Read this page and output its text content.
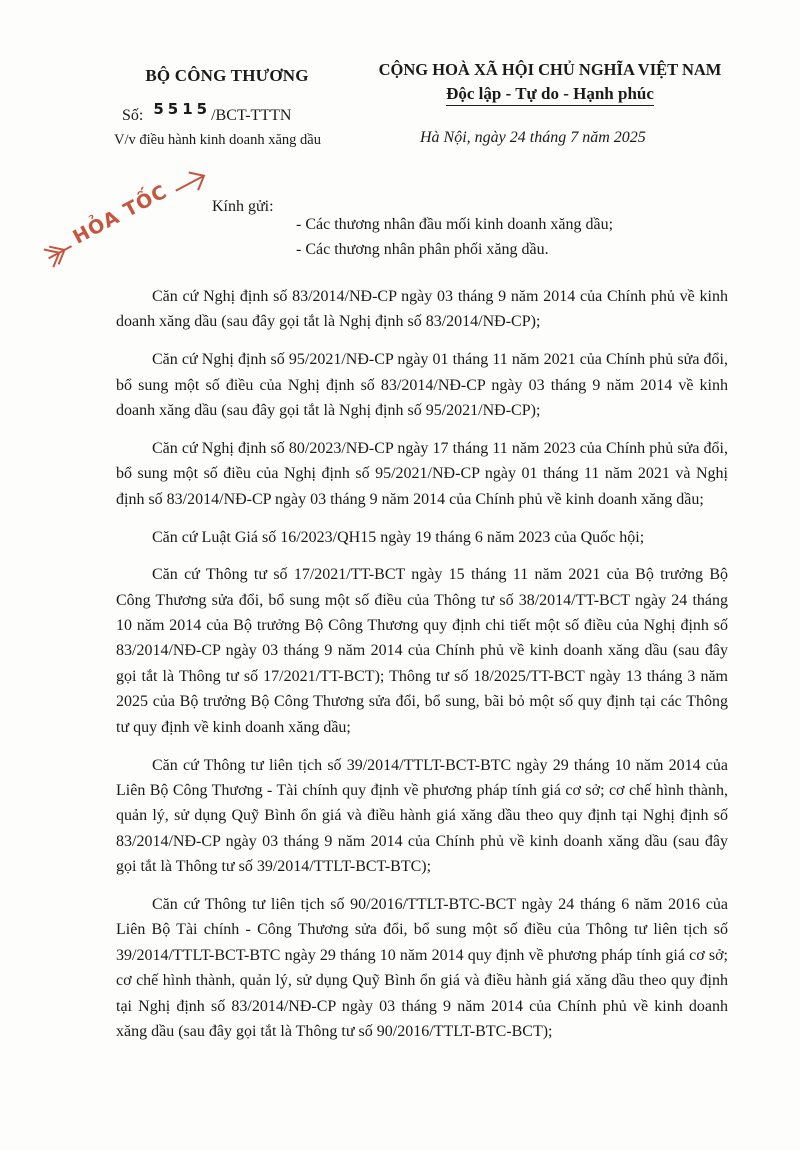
BỘ CÔNG THƯƠNG
Số: 5515/BCT-TTTN
V/v điều hành kinh doanh xăng dầu
CỘNG HOÀ XÃ HỘI CHỦ NGHĨA VIỆT NAM
Độc lập - Tự do - Hạnh phúc
Hà Nội, ngày 24 tháng 7 năm 2025
HỎA TỐC	Kính gửi:
- Các thương nhân đầu mối kinh doanh xăng dầu;
- Các thương nhân phân phối xăng dầu.

Căn cứ Nghị định số 83/2014/NĐ-CP ngày 03 tháng 9 năm 2014 của Chính phủ về kinh doanh xăng dầu (sau đây gọi tắt là Nghị định số 83/2014/NĐ-CP);

Căn cứ Nghị định số 95/2021/NĐ-CP ngày 01 tháng 11 năm 2021 của Chính phủ sửa đổi, bổ sung một số điều của Nghị định số 83/2014/NĐ-CP ngày 03 tháng 9 năm 2014 về kinh doanh xăng dầu (sau đây gọi tắt là Nghị định số 95/2021/NĐ-CP);

Căn cứ Nghị định số 80/2023/NĐ-CP ngày 17 tháng 11 năm 2023 của Chính phủ sửa đổi, bổ sung một số điều của Nghị định số 95/2021/NĐ-CP ngày 01 tháng 11 năm 2021 và Nghị định số 83/2014/NĐ-CP ngày 03 tháng 9 năm 2014 của Chính phủ về kinh doanh xăng dầu;

Căn cứ Luật Giá số 16/2023/QH15 ngày 19 tháng 6 năm 2023 của Quốc hội;

Căn cứ Thông tư số 17/2021/TT-BCT ngày 15 tháng 11 năm 2021 của Bộ trưởng Bộ Công Thương sửa đổi, bổ sung một số điều của Thông tư số 38/2014/TT-BCT ngày 24 tháng 10 năm 2014 của Bộ trưởng Bộ Công Thương quy định chi tiết một số điều của Nghị định số 83/2014/NĐ-CP ngày 03 tháng 9 năm 2014 của Chính phủ về kinh doanh xăng dầu (sau đây gọi tắt là Thông tư số 17/2021/TT-BCT); Thông tư số 18/2025/TT-BCT ngày 13 tháng 3 năm 2025 của Bộ trưởng Bộ Công Thương sửa đổi, bổ sung, bãi bỏ một số quy định tại các Thông tư quy định về kinh doanh xăng dầu;

Căn cứ Thông tư liên tịch số 39/2014/TTLT-BCT-BTC ngày 29 tháng 10 năm 2014 của Liên Bộ Công Thương - Tài chính quy định về phương pháp tính giá cơ sở; cơ chế hình thành, quản lý, sử dụng Quỹ Bình ổn giá và điều hành giá xăng dầu theo quy định tại Nghị định số 83/2014/NĐ-CP ngày 03 tháng 9 năm 2014 của Chính phủ về kinh doanh xăng dầu (sau đây gọi tắt là Thông tư số 39/2014/TTLT-BCT-BTC);

Căn cứ Thông tư liên tịch số 90/2016/TTLT-BTC-BCT ngày 24 tháng 6 năm 2016 của Liên Bộ Tài chính - Công Thương sửa đổi, bổ sung một số điều của Thông tư liên tịch số 39/2014/TTLT-BCT-BTC ngày 29 tháng 10 năm 2014 quy định về phương pháp tính giá cơ sở; cơ chế hình thành, quản lý, sử dụng Quỹ Bình ổn giá và điều hành giá xăng dầu theo quy định tại Nghị định số 83/2014/NĐ-CP ngày 03 tháng 9 năm 2014 của Chính phủ về kinh doanh xăng dầu (sau đây gọi tắt là Thông tư số 90/2016/TTLT-BTC-BCT);
